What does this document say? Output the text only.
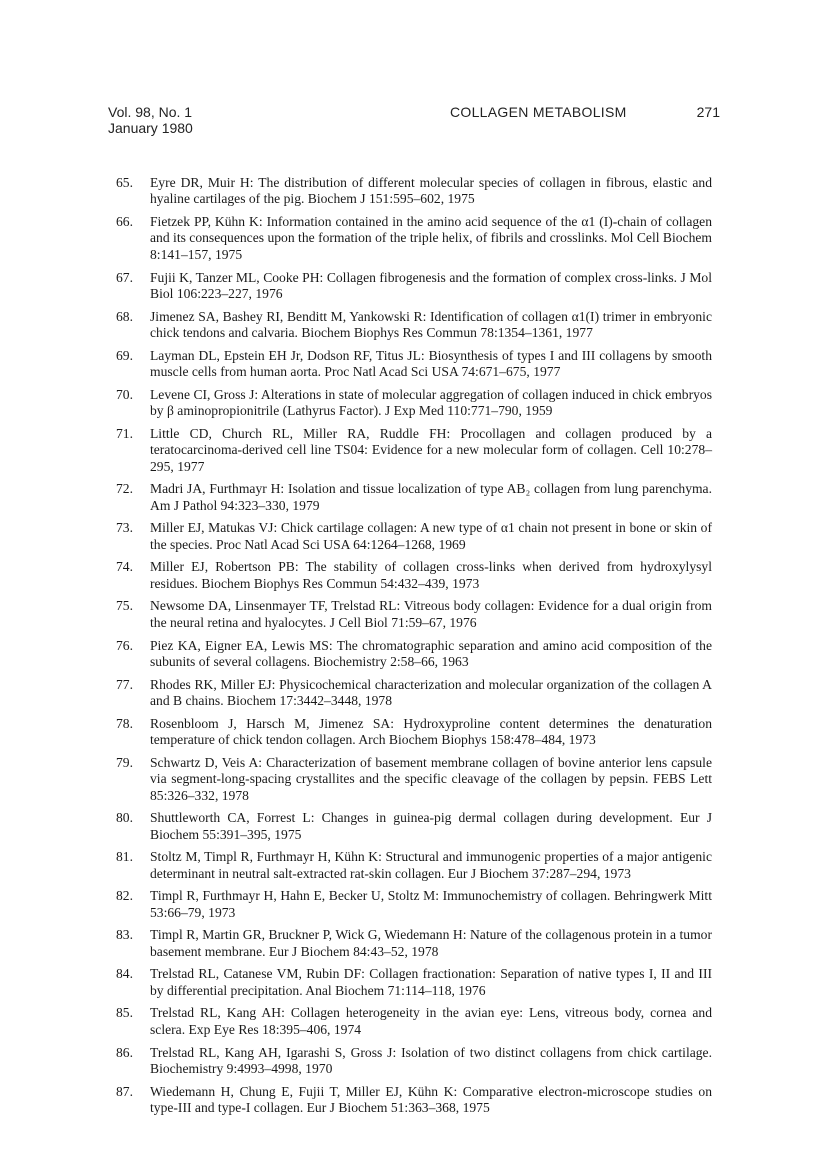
Vol. 98, No. 1
January 1980
COLLAGEN METABOLISM	271
65. Eyre DR, Muir H: The distribution of different molecular species of collagen in fibrous, elastic and hyaline cartilages of the pig. Biochem J 151:595–602, 1975
66. Fietzek PP, Kühn K: Information contained in the amino acid sequence of the α1 (I)-chain of collagen and its consequences upon the formation of the triple helix, of fibrils and crosslinks. Mol Cell Biochem 8:141–157, 1975
67. Fujii K, Tanzer ML, Cooke PH: Collagen fibrogenesis and the formation of complex cross-links. J Mol Biol 106:223–227, 1976
68. Jimenez SA, Bashey RI, Benditt M, Yankowski R: Identification of collagen α1(I) trimer in embryonic chick tendons and calvaria. Biochem Biophys Res Commun 78:1354–1361, 1977
69. Layman DL, Epstein EH Jr, Dodson RF, Titus JL: Biosynthesis of types I and III collagens by smooth muscle cells from human aorta. Proc Natl Acad Sci USA 74:671–675, 1977
70. Levene CI, Gross J: Alterations in state of molecular aggregation of collagen induced in chick embryos by β aminopropionitrile (Lathyrus Factor). J Exp Med 110:771–790, 1959
71. Little CD, Church RL, Miller RA, Ruddle FH: Procollagen and collagen produced by a teratocarcinoma-derived cell line TS04: Evidence for a new molecular form of collagen. Cell 10:278–295, 1977
72. Madri JA, Furthmayr H: Isolation and tissue localization of type AB₂ collagen from lung parenchyma. Am J Pathol 94:323–330, 1979
73. Miller EJ, Matukas VJ: Chick cartilage collagen: A new type of α1 chain not present in bone or skin of the species. Proc Natl Acad Sci USA 64:1264–1268, 1969
74. Miller EJ, Robertson PB: The stability of collagen cross-links when derived from hydroxylysyl residues. Biochem Biophys Res Commun 54:432–439, 1973
75. Newsome DA, Linsenmayer TF, Trelstad RL: Vitreous body collagen: Evidence for a dual origin from the neural retina and hyalocytes. J Cell Biol 71:59–67, 1976
76. Piez KA, Eigner EA, Lewis MS: The chromatographic separation and amino acid composition of the subunits of several collagens. Biochemistry 2:58–66, 1963
77. Rhodes RK, Miller EJ: Physicochemical characterization and molecular organization of the collagen A and B chains. Biochem 17:3442–3448, 1978
78. Rosenbloom J, Harsch M, Jimenez SA: Hydroxyproline content determines the denaturation temperature of chick tendon collagen. Arch Biochem Biophys 158:478–484, 1973
79. Schwartz D, Veis A: Characterization of basement membrane collagen of bovine anterior lens capsule via segment-long-spacing crystallites and the specific cleavage of the collagen by pepsin. FEBS Lett 85:326–332, 1978
80. Shuttleworth CA, Forrest L: Changes in guinea-pig dermal collagen during development. Eur J Biochem 55:391–395, 1975
81. Stoltz M, Timpl R, Furthmayr H, Kühn K: Structural and immunogenic properties of a major antigenic determinant in neutral salt-extracted rat-skin collagen. Eur J Biochem 37:287–294, 1973
82. Timpl R, Furthmayr H, Hahn E, Becker U, Stoltz M: Immunochemistry of collagen. Behringwerk Mitt 53:66–79, 1973
83. Timpl R, Martin GR, Bruckner P, Wick G, Wiedemann H: Nature of the collagenous protein in a tumor basement membrane. Eur J Biochem 84:43–52, 1978
84. Trelstad RL, Catanese VM, Rubin DF: Collagen fractionation: Separation of native types I, II and III by differential precipitation. Anal Biochem 71:114–118, 1976
85. Trelstad RL, Kang AH: Collagen heterogeneity in the avian eye: Lens, vitreous body, cornea and sclera. Exp Eye Res 18:395–406, 1974
86. Trelstad RL, Kang AH, Igarashi S, Gross J: Isolation of two distinct collagens from chick cartilage. Biochemistry 9:4993–4998, 1970
87. Wiedemann H, Chung E, Fujii T, Miller EJ, Kühn K: Comparative electron-microscope studies on type-III and type-I collagen. Eur J Biochem 51:363–368, 1975
